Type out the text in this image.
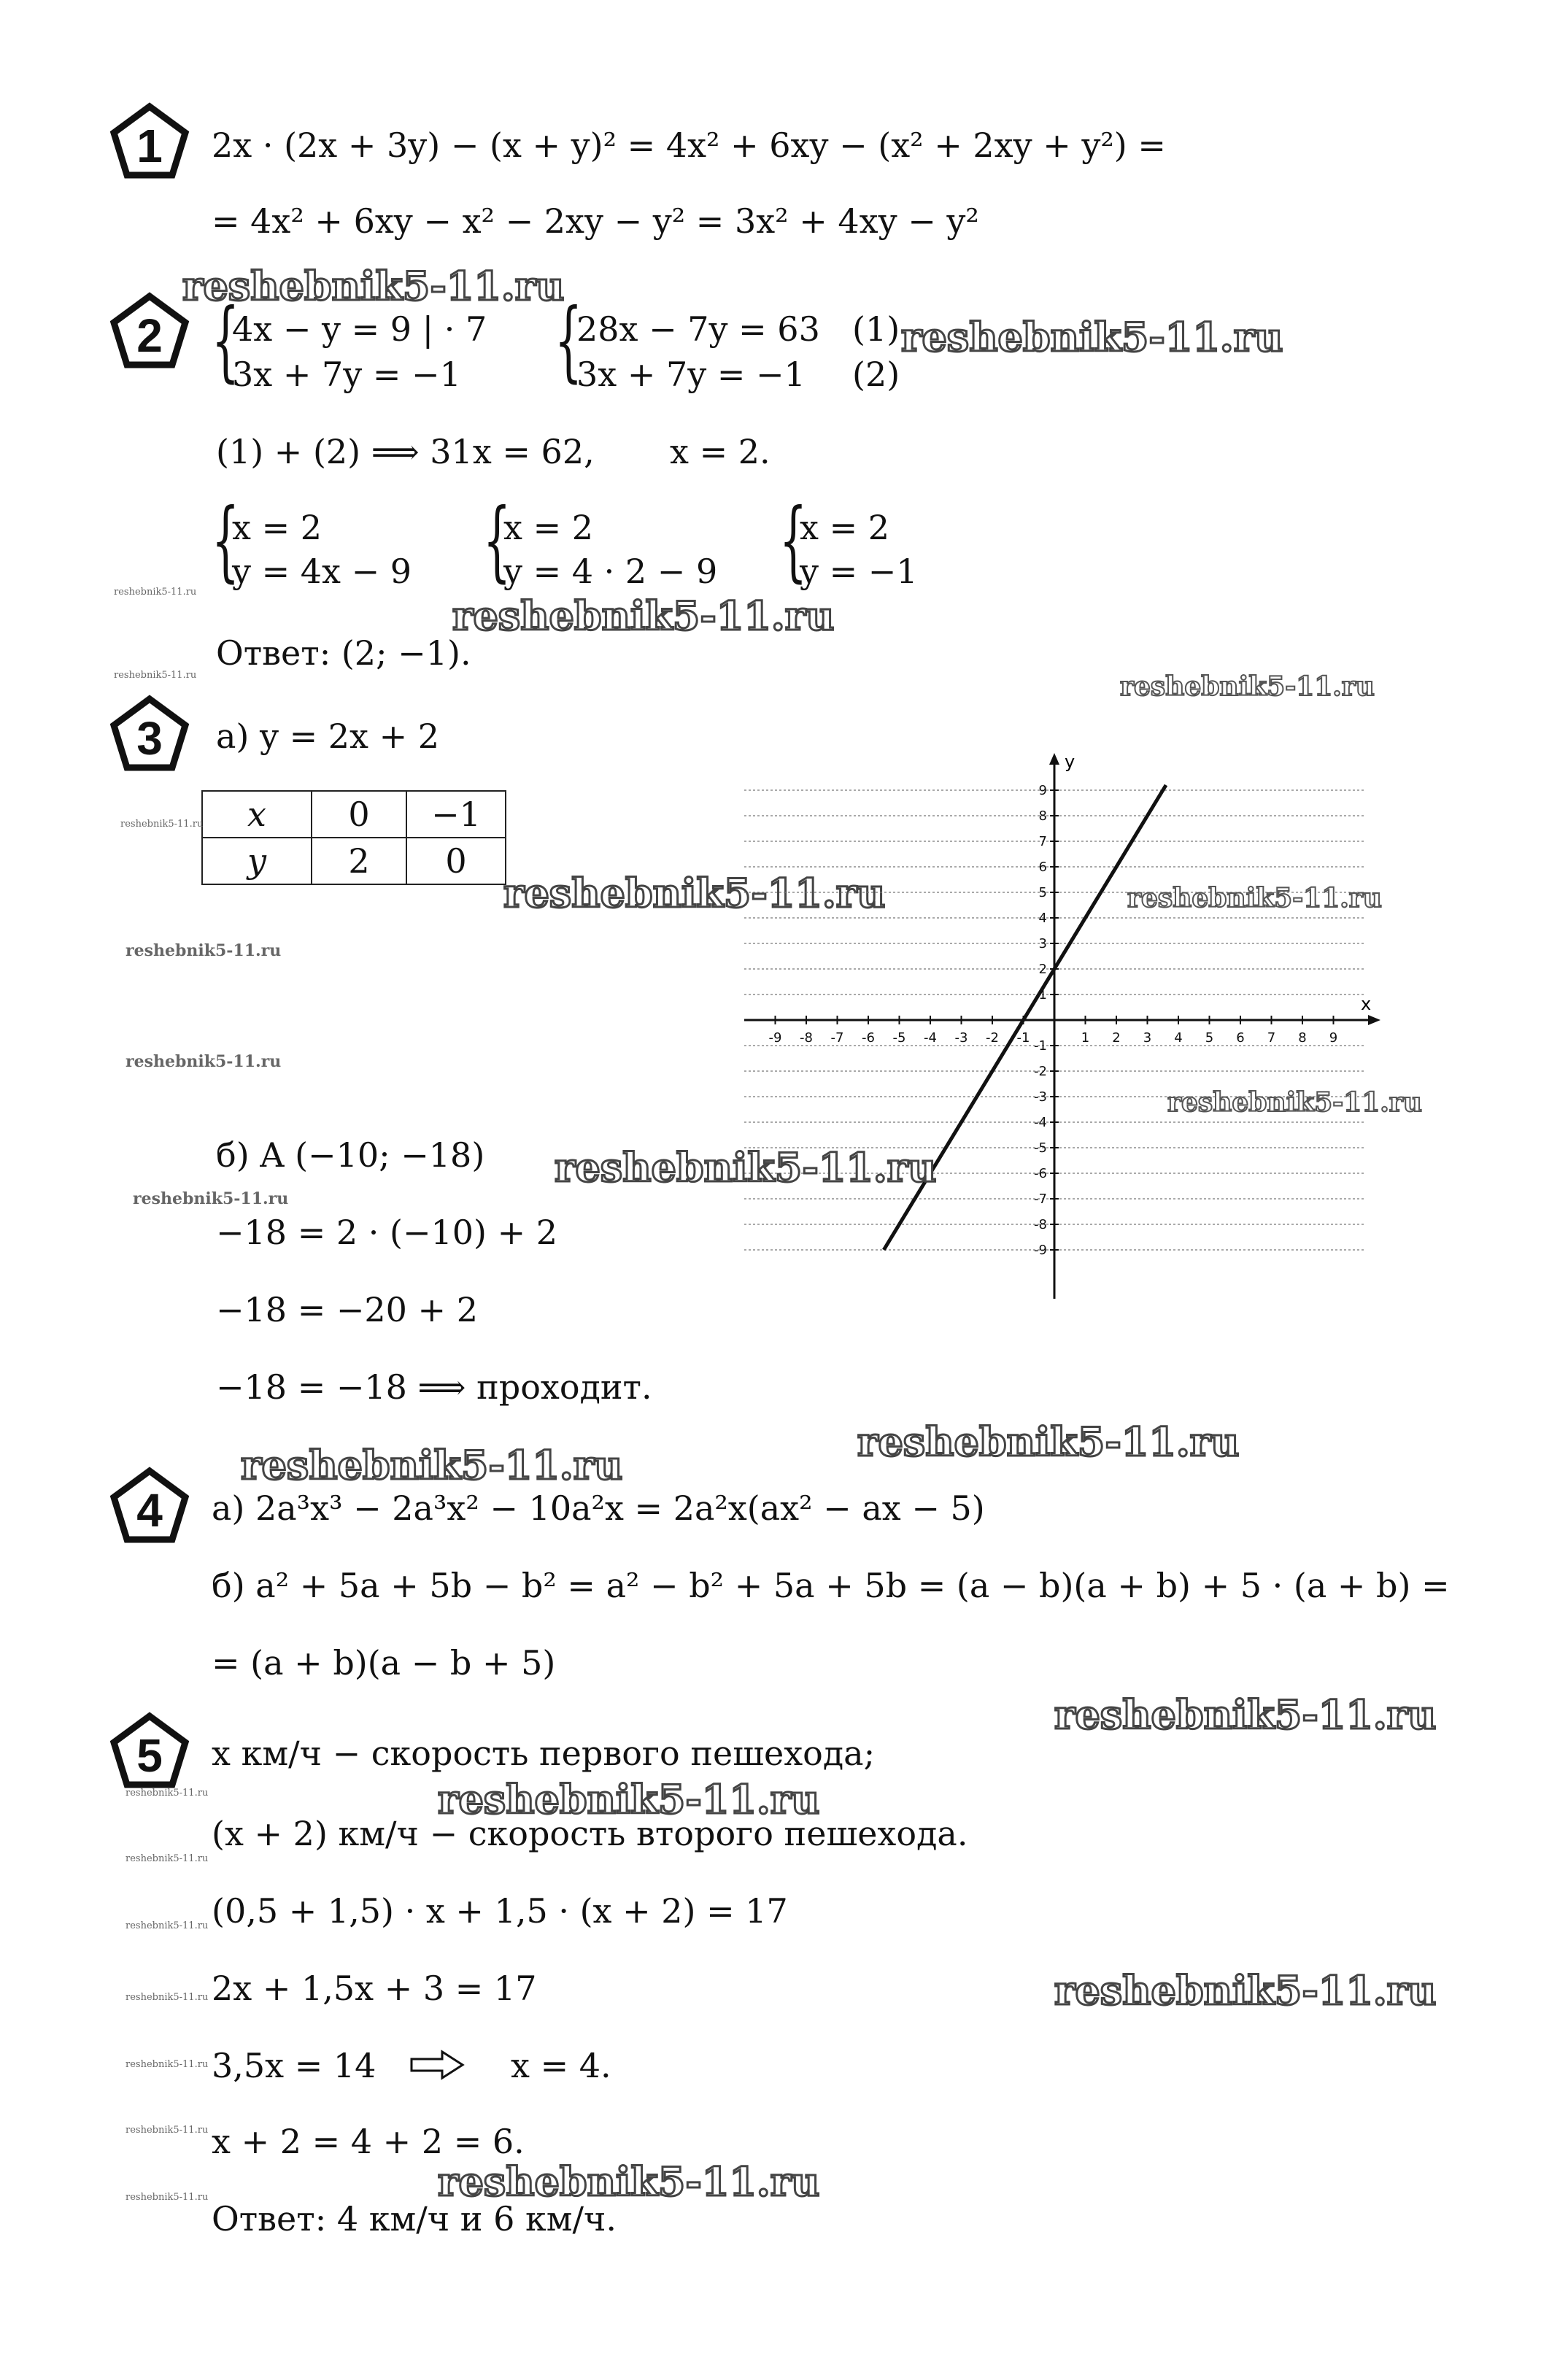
1 2x · (2x + 3y) − (x + y)² = 4x² + 6xy − (x² + 2xy + y²) =
= 4x² + 6xy − x² − 2xy − y² = 3x² + 4xy − y²
reshebnik5-11.ru
2 {
4x − y = 9 | · 7
3x + 7y = −1 {
28x − 7y = 63
3x + 7y = −1
(1)
(2)
reshebnik5-11.ru
(1) + (2) ⟹ 31x = 62, x = 2.
{
x = 2
y = 4x − 9 {
x = 2
y = 4 · 2 − 9 {
x = 2
y = −1
reshebnik5-11.ru
reshebnik5-11.ru
Ответ: (2; −1).
reshebnik5-11.ru	reshebnik5-11.ru
3 а) y = 2x + 2
x	0	−1
y	2	0
reshebnik5-11.ru
reshebnik5-11.ru
reshebnik5-11.ru
reshebnik5-11.ru
-9 -8 -7 -6 -5 -4 -3 -2 -1	1 2 3 4 5 6 7 8 9
9
8
7
6
5
4
3
2
1
-1
-2
-3
-4
-5
-6
-7
-8
-9
x
y
reshebnik5-11.ru
reshebnik5-11.ru
б) A (−10; −18) reshebnik5-11.ru
reshebnik5-11.ru
−18 = 2 · (−10) + 2
−18 = −20 + 2
−18 = −18 ⟹ проходит.
reshebnik5-11.ru
reshebnik5-11.ru
4 а) 2a³x³ − 2a³x² − 10a²x = 2a²x(ax² − ax − 5)
б) a² + 5a + 5b − b² = a² − b² + 5a + 5b = (a − b)(a + b) + 5 · (a + b) =
= (a + b)(a − b + 5)
reshebnik5-11.ru
5 x км/ч − скорость первого пешехода;
reshebnik5-11.ru	reshebnik5-11.ru
reshebnik5-11.ru
(x + 2) км/ч − скорость второго пешехода.
reshebnik5-11.ru (0,5 + 1,5) · x + 1,5 · (x + 2) = 17
reshebnik5-11.ru 2x + 1,5x + 3 = 17	reshebnik5-11.ru
reshebnik5-11.ru 3,5x = 14	x = 4.
reshebnik5-11.ru x + 2 = 4 + 2 = 6.
reshebnik5-11.ru
reshebnik5-11.ru
Ответ: 4 км/ч и 6 км/ч.
